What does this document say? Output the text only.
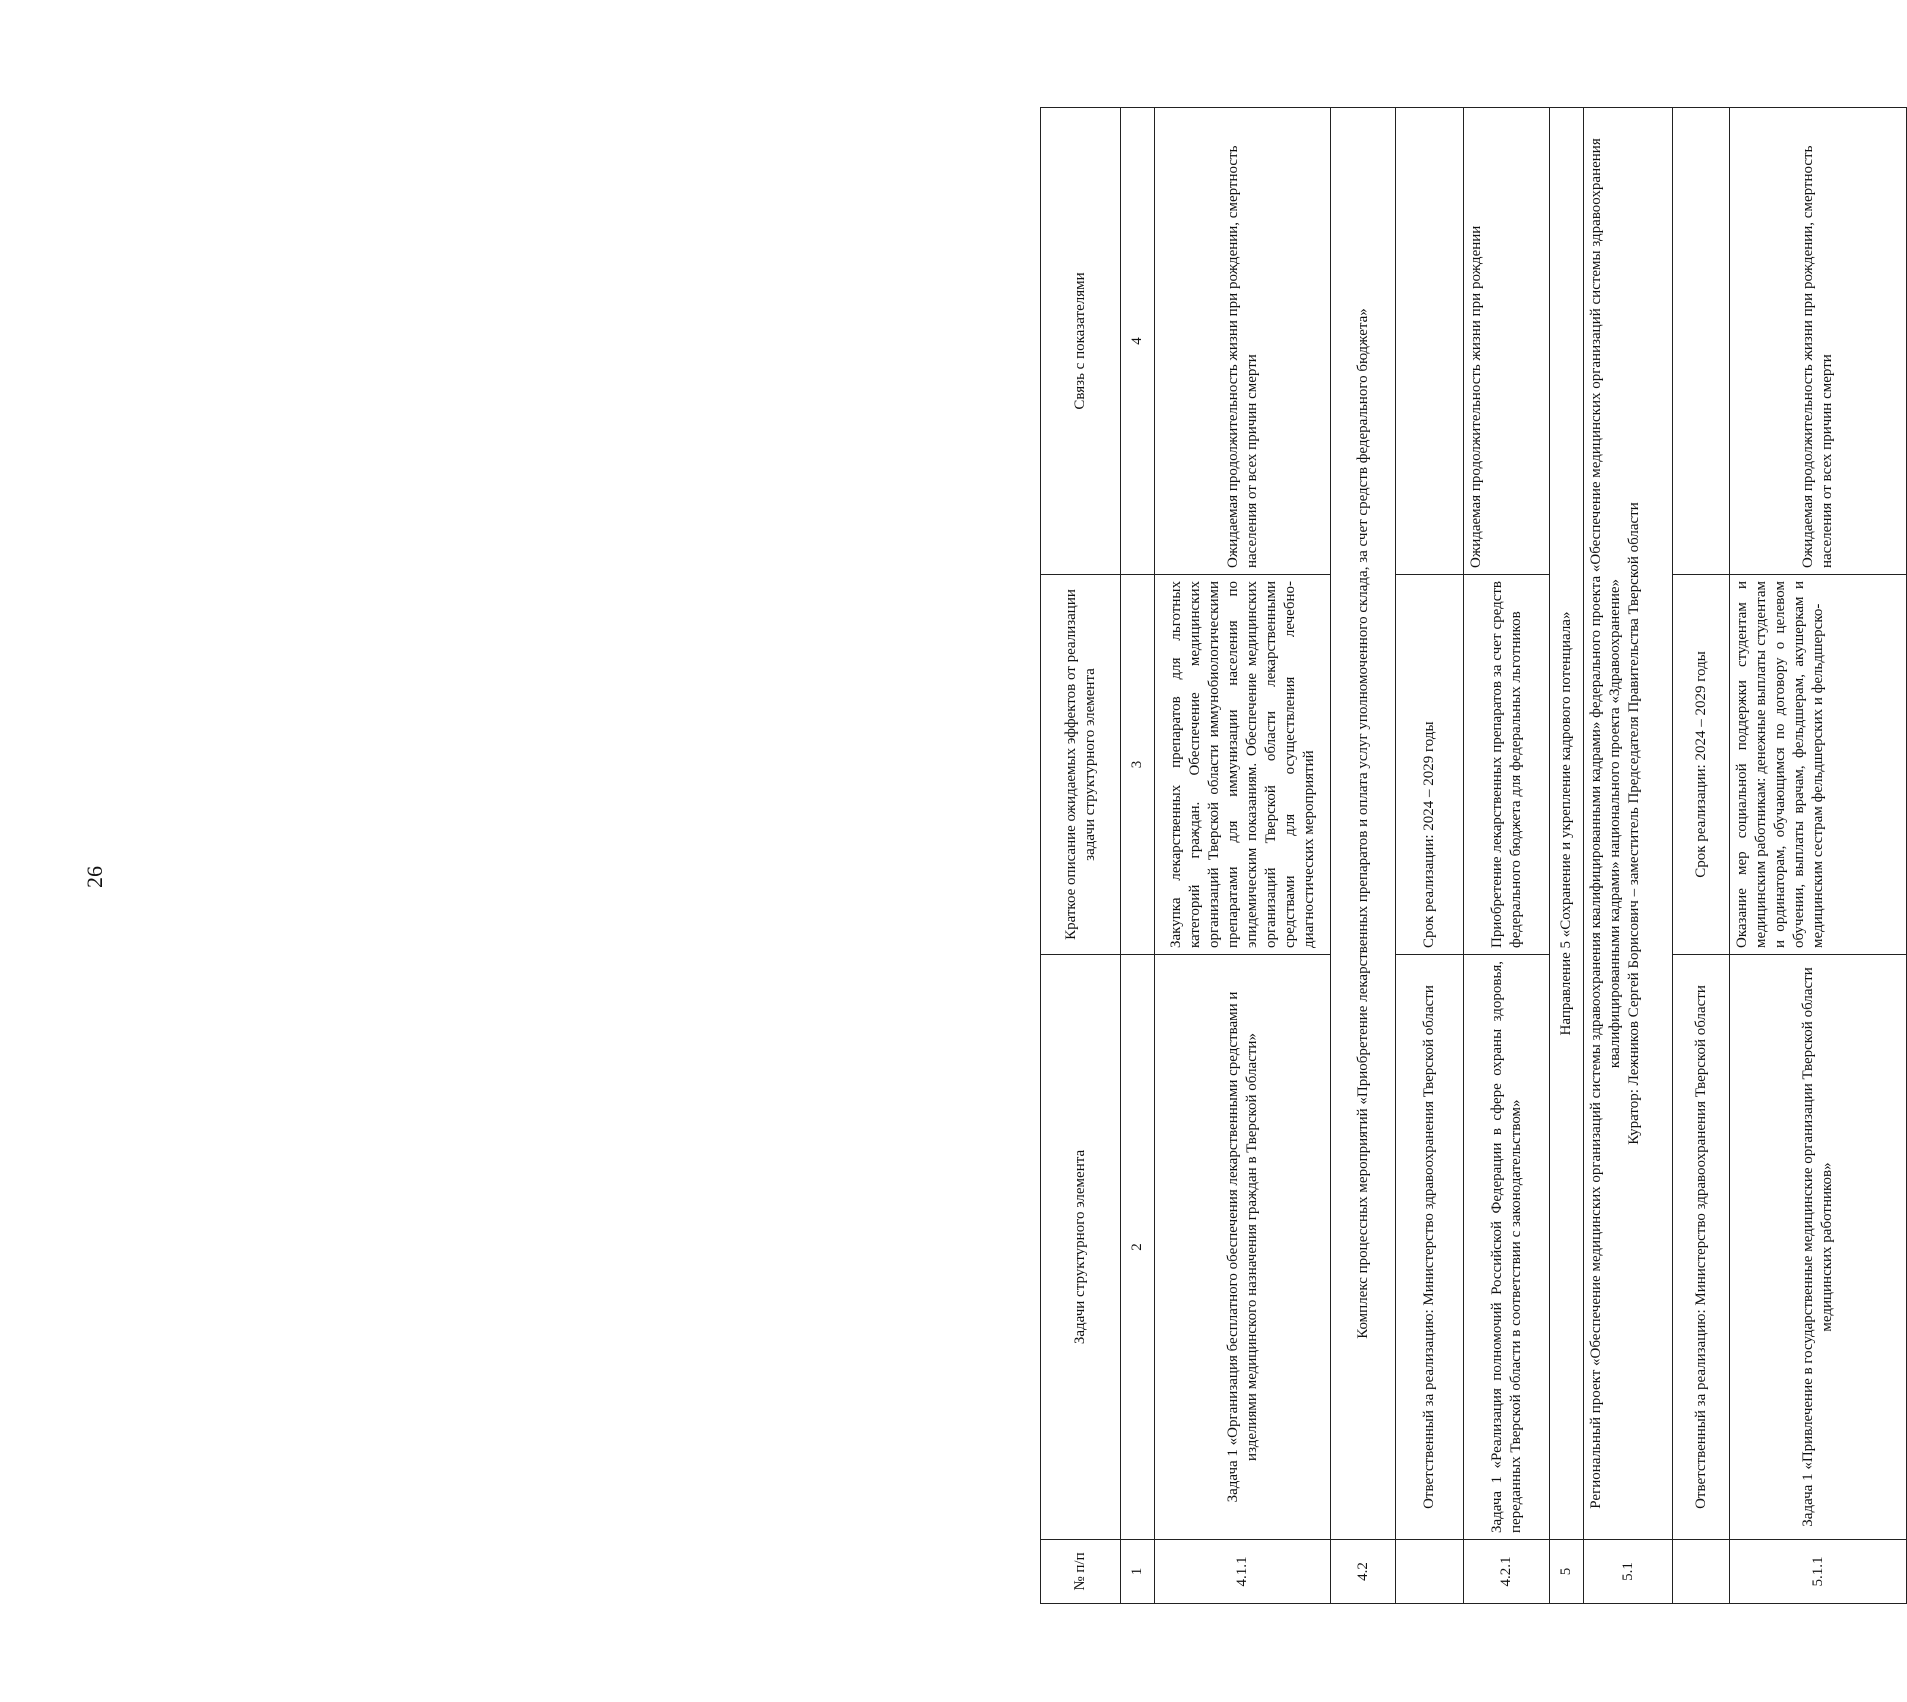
26
№ п/п	Задачи структурного элемента	Краткое описание ожидаемых эффектов от реализации задачи структурного элемента	Связь с показателями
1	2	3	4
4.1.1	Задача 1 «Организация бесплатного обеспечения лекарственными средствами и изделиями медицинского назначения граждан в Тверской области»	Закупка лекарственных препаратов для льготных категорий граждан. Обеспечение медицинских организаций Тверской области иммунобиологическими препаратами для иммунизации населения по эпидемическим показаниям. Обеспечение медицинских организаций Тверской области лекарственными средствами для осуществления лечебно-диагностических мероприятий	Ожидаемая продолжительность жизни при рождении, смертность населения от всех причин смерти
4.2	Комплекс процессных мероприятий «Приобретение лекарственных препаратов и оплата услуг уполномоченного склада, за счет средств федерального бюджета»		
	Ответственный за реализацию: Министерство здравоохранения Тверской области	Срок реализации: 2024 – 2029 годы	
4.2.1	Задача 1 «Реализация полномочий Российской Федерации в сфере охраны здоровья, переданных Тверской области в соответствии с законодательством»	Приобретение лекарственных препаратов за счет средств федерального бюджета для федеральных льготников	Ожидаемая продолжительность жизни при рождении
5	Направление 5 «Сохранение и укрепление кадрового потенциала»		
5.1	Региональный проект «Обеспечение медицинских организаций системы здравоохранения квалифицированными кадрами» федерального проекта «Обеспечение медицинских организаций системы здравоохранения квалифицированными кадрами» национального проекта «Здравоохранение» Куратор: Лежников Сергей Борисович – заместитель Председателя Правительства Тверской области		

	Ответственный за реализацию: Министерство здравоохранения Тверской области	Срок реализации: 2024 – 2029 годы	
5.1.1	Задача 1 «Привлечение в государственные медицинские организации Тверской области медицинских работников»	Оказание мер социальной поддержки студентам и медицинским работникам: денежные выплаты студентам и ординаторам, обучающимся по договору о целевом обучении, выплаты врачам, фельдшерам, акушеркам и медицинским сестрам фельдшерских и фельдшерско-	Ожидаемая продолжительность жизни при рождении, смертность населения от всех причин смерти
